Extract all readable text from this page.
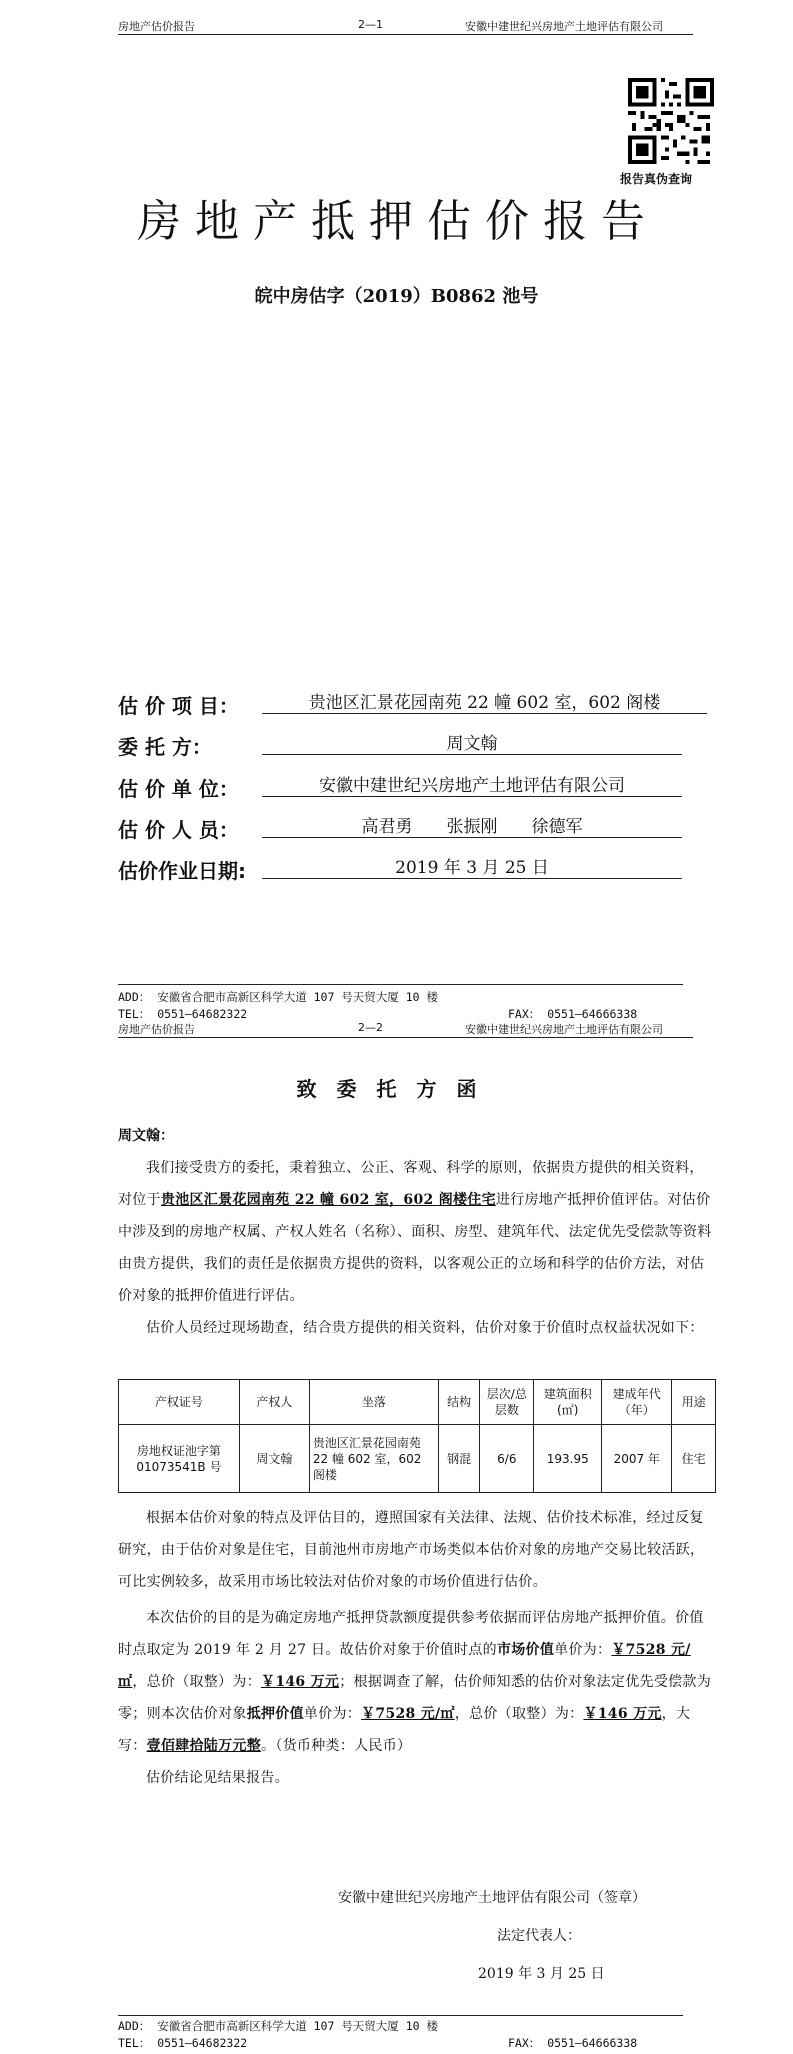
房地产估价报告	2—1	安徽中建世纪兴房地产土地评估有限公司
报告真伪查询
房地产抵押估价报告
皖中房估字（2019）B0862 池号
估 价 项 目：	贵池区汇景花园南苑 22 幢 602 室，602 阁楼
委 托 方：	周文翰
估 价 单 位：	安徽中建世纪兴房地产土地评估有限公司
估 价 人 员：	高君勇　　张振刚　　徐德军
估价作业日期:	2019 年 3 月 25 日
ADD： 安徽省合肥市高新区科学大道 107 号天贸大厦 10 楼
TEL： 0551—64682322	FAX： 0551—64666338
房地产估价报告	2—2	安徽中建世纪兴房地产土地评估有限公司
致委托方函
周文翰：
我们接受贵方的委托，秉着独立、公正、客观、科学的原则，依据贵方提供的相关资料，对位于贵池区汇景花园南苑 22 幢 602 室，602 阁楼住宅进行房地产抵押价值评估。对估价中涉及到的房地产权属、产权人姓名（名称）、面积、房型、建筑年代、法定优先受偿款等资料由贵方提供，我们的责任是依据贵方提供的资料，以客观公正的立场和科学的估价方法，对估价对象的抵押价值进行评估。
估价人员经过现场勘查，结合贵方提供的相关资料，估价对象于价值时点权益状况如下：
产权证号	产权人	坐落	结构	层次/总层数	建筑面积(㎡)	建成年代（年）	用途
房地权证池字第 01073541B 号	周文翰	贵池区汇景花园南苑 22 幢 602 室，602 阁楼	钢混	6/6	193.95	2007 年	住宅
根据本估价对象的特点及评估目的，遵照国家有关法律、法规、估价技术标准，经过反复研究，由于估价对象是住宅，目前池州市房地产市场类似本估价对象的房地产交易比较活跃，可比实例较多，故采用市场比较法对估价对象的市场价值进行估价。
本次估价的目的是为确定房地产抵押贷款额度提供参考依据而评估房地产抵押价值。价值时点取定为 2019 年 2 月 27 日。故估价对象于价值时点的市场价值单价为：￥7528 元/㎡，总价（取整）为：￥146 万元；根据调查了解，估价师知悉的估价对象法定优先受偿款为零；则本次估价对象抵押价值单价为：￥7528 元/㎡，总价（取整）为：￥146 万元，大写：壹佰肆拾陆万元整。（货币种类：人民币）
估价结论见结果报告。
安徽中建世纪兴房地产土地评估有限公司（签章）
法定代表人：
2019 年 3 月 25 日
ADD： 安徽省合肥市高新区科学大道 107 号天贸大厦 10 楼
TEL： 0551—64682322	FAX： 0551—64666338
